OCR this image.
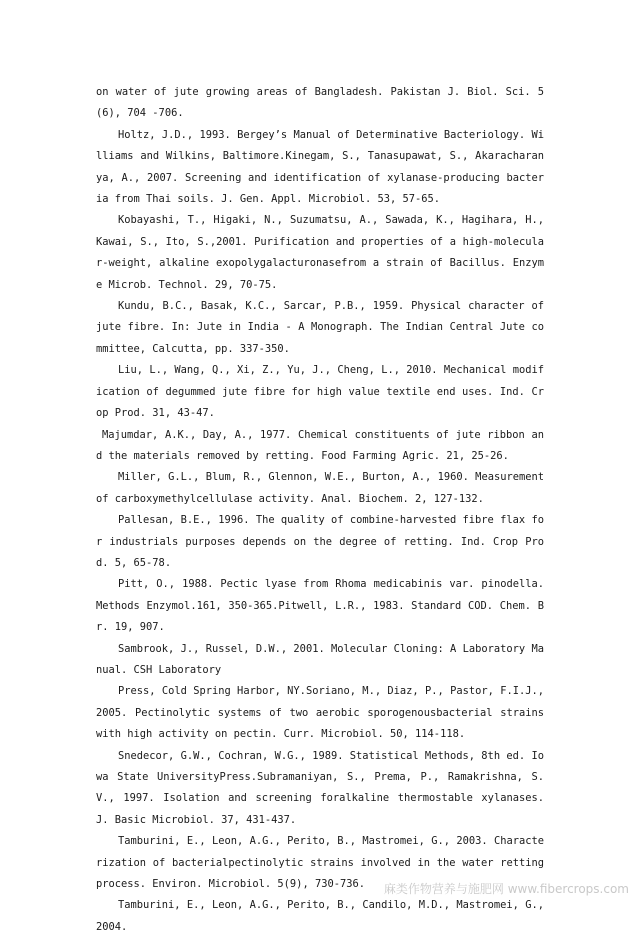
on water of jute growing areas of Bangladesh. Pakistan J. Biol. Sci. 5 (6), 704 -706.

Holtz, J.D., 1993. Bergey’s Manual of Determinative Bacteriology. Williams and Wilkins, Baltimore.Kinegam, S., Tanasupawat, S., Akaracharanya, A., 2007. Screening and identification of xylanase-producing bacteria from Thai soils. J. Gen. Appl. Microbiol. 53, 57-65.

Kobayashi, T., Higaki, N., Suzumatsu, A., Sawada, K., Hagihara, H., Kawai, S., Ito, S.,2001. Purification and properties of a high-molecular-weight, alkaline exopolygalacturonasefrom a strain of Bacillus. Enzyme Microb. Technol. 29, 70-75.

Kundu, B.C., Basak, K.C., Sarcar, P.B., 1959. Physical character of jute fibre. In: Jute in India - A Monograph. The Indian Central Jute committee, Calcutta, pp. 337-350.

Liu, L., Wang, Q., Xi, Z., Yu, J., Cheng, L., 2010. Mechanical modification of degummed jute fibre for high value textile end uses. Ind. Crop Prod. 31, 43-47.

Majumdar, A.K., Day, A., 1977. Chemical constituents of jute ribbon and the materials removed by retting. Food Farming Agric. 21, 25-26.

Miller, G.L., Blum, R., Glennon, W.E., Burton, A., 1960. Measurement of carboxymethylcellulase activity. Anal. Biochem. 2, 127-132.

Pallesan, B.E., 1996. The quality of combine-harvested fibre flax for industrials purposes depends on the degree of retting. Ind. Crop Prod. 5, 65-78.

Pitt, O., 1988. Pectic lyase from Rhoma medicabinis var. pinodella. Methods Enzymol.161, 350-365.Pitwell, L.R., 1983. Standard COD. Chem. Br. 19, 907.

Sambrook, J., Russel, D.W., 2001. Molecular Cloning: A Laboratory Manual. CSH Laboratory

Press, Cold Spring Harbor, NY.Soriano, M., Diaz, P., Pastor, F.I.J., 2005. Pectinolytic systems of two aerobic sporogenousbacterial strains with high activity on pectin. Curr. Microbiol. 50, 114-118.

Snedecor, G.W., Cochran, W.G., 1989. Statistical Methods, 8th ed. Iowa State UniversityPress.Subramaniyan, S., Prema, P., Ramakrishna, S.V., 1997. Isolation and screening foralkaline thermostable xylanases. J. Basic Microbiol. 37, 431-437.

Tamburini, E., Leon, A.G., Perito, B., Mastromei, G., 2003. Characterization of bacterialpectinolytic strains involved in the water retting process. Environ. Microbiol. 5(9), 730-736.

Tamburini, E., Leon, A.G., Perito, B., Candilo, M.D., Mastromei, G., 2004.

麻类作物营养与施肥网 www.fibercrops.com
